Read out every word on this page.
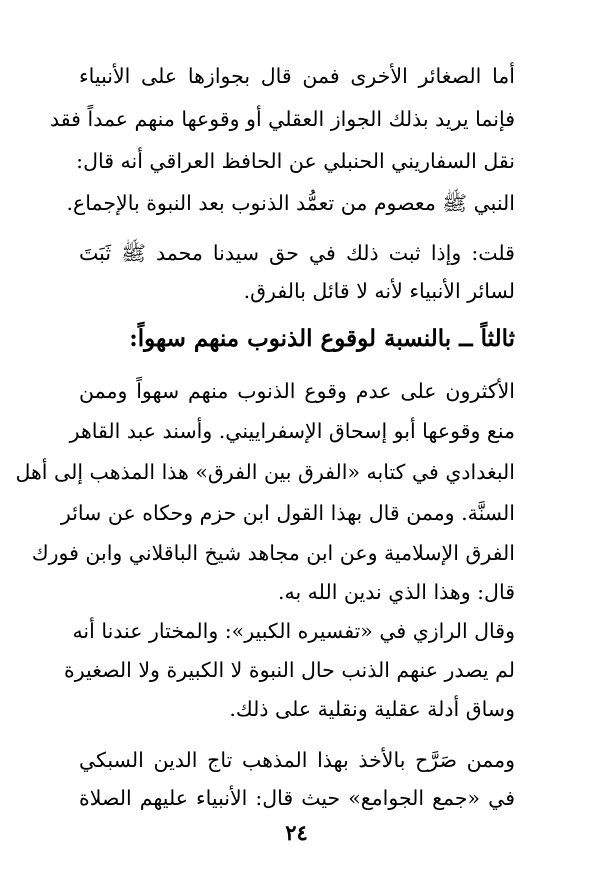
أما الصغائر الأخرى فمن قال بجوازها على الأنبياء
فإنما يريد بذلك الجواز العقلي أو وقوعها منهم عمداً فقد
نقل السفاريني الحنبلي عن الحافظ العراقي أنه قال:
النبي ﷺ معصوم من تعمُّد الذنوب بعد النبوة بالإجماع.
قلت: وإذا ثبت ذلك في حق سيدنا محمد ﷺ ثَبَتَ
لسائر الأنبياء لأنه لا قائل بالفرق.
ثالثاً ــ بالنسبة لوقوع الذنوب منهم سهواً:
الأكثرون على عدم وقوع الذنوب منهم سهواً وممن
منع وقوعها أبو إسحاق الإسفراييني. وأسند عبد القاهر
البغدادي في كتابه «الفرق بين الفرق» هذا المذهب إلى أهل
السنَّة. وممن قال بهذا القول ابن حزم وحكاه عن سائر
الفرق الإسلامية وعن ابن مجاهد شيخ الباقلاني وابن فورك
قال: وهذا الذي ندين الله به.
وقال الرازي في «تفسيره الكبير»: والمختار عندنا أنه
لم يصدر عنهم الذنب حال النبوة لا الكبيرة ولا الصغيرة
وساق أدلة عقلية ونقلية على ذلك.
وممن صَرَّح بالأخذ بهذا المذهب تاج الدين السبكي
في «جمع الجوامع» حيث قال: الأنبياء عليهم الصلاة
٢٤
